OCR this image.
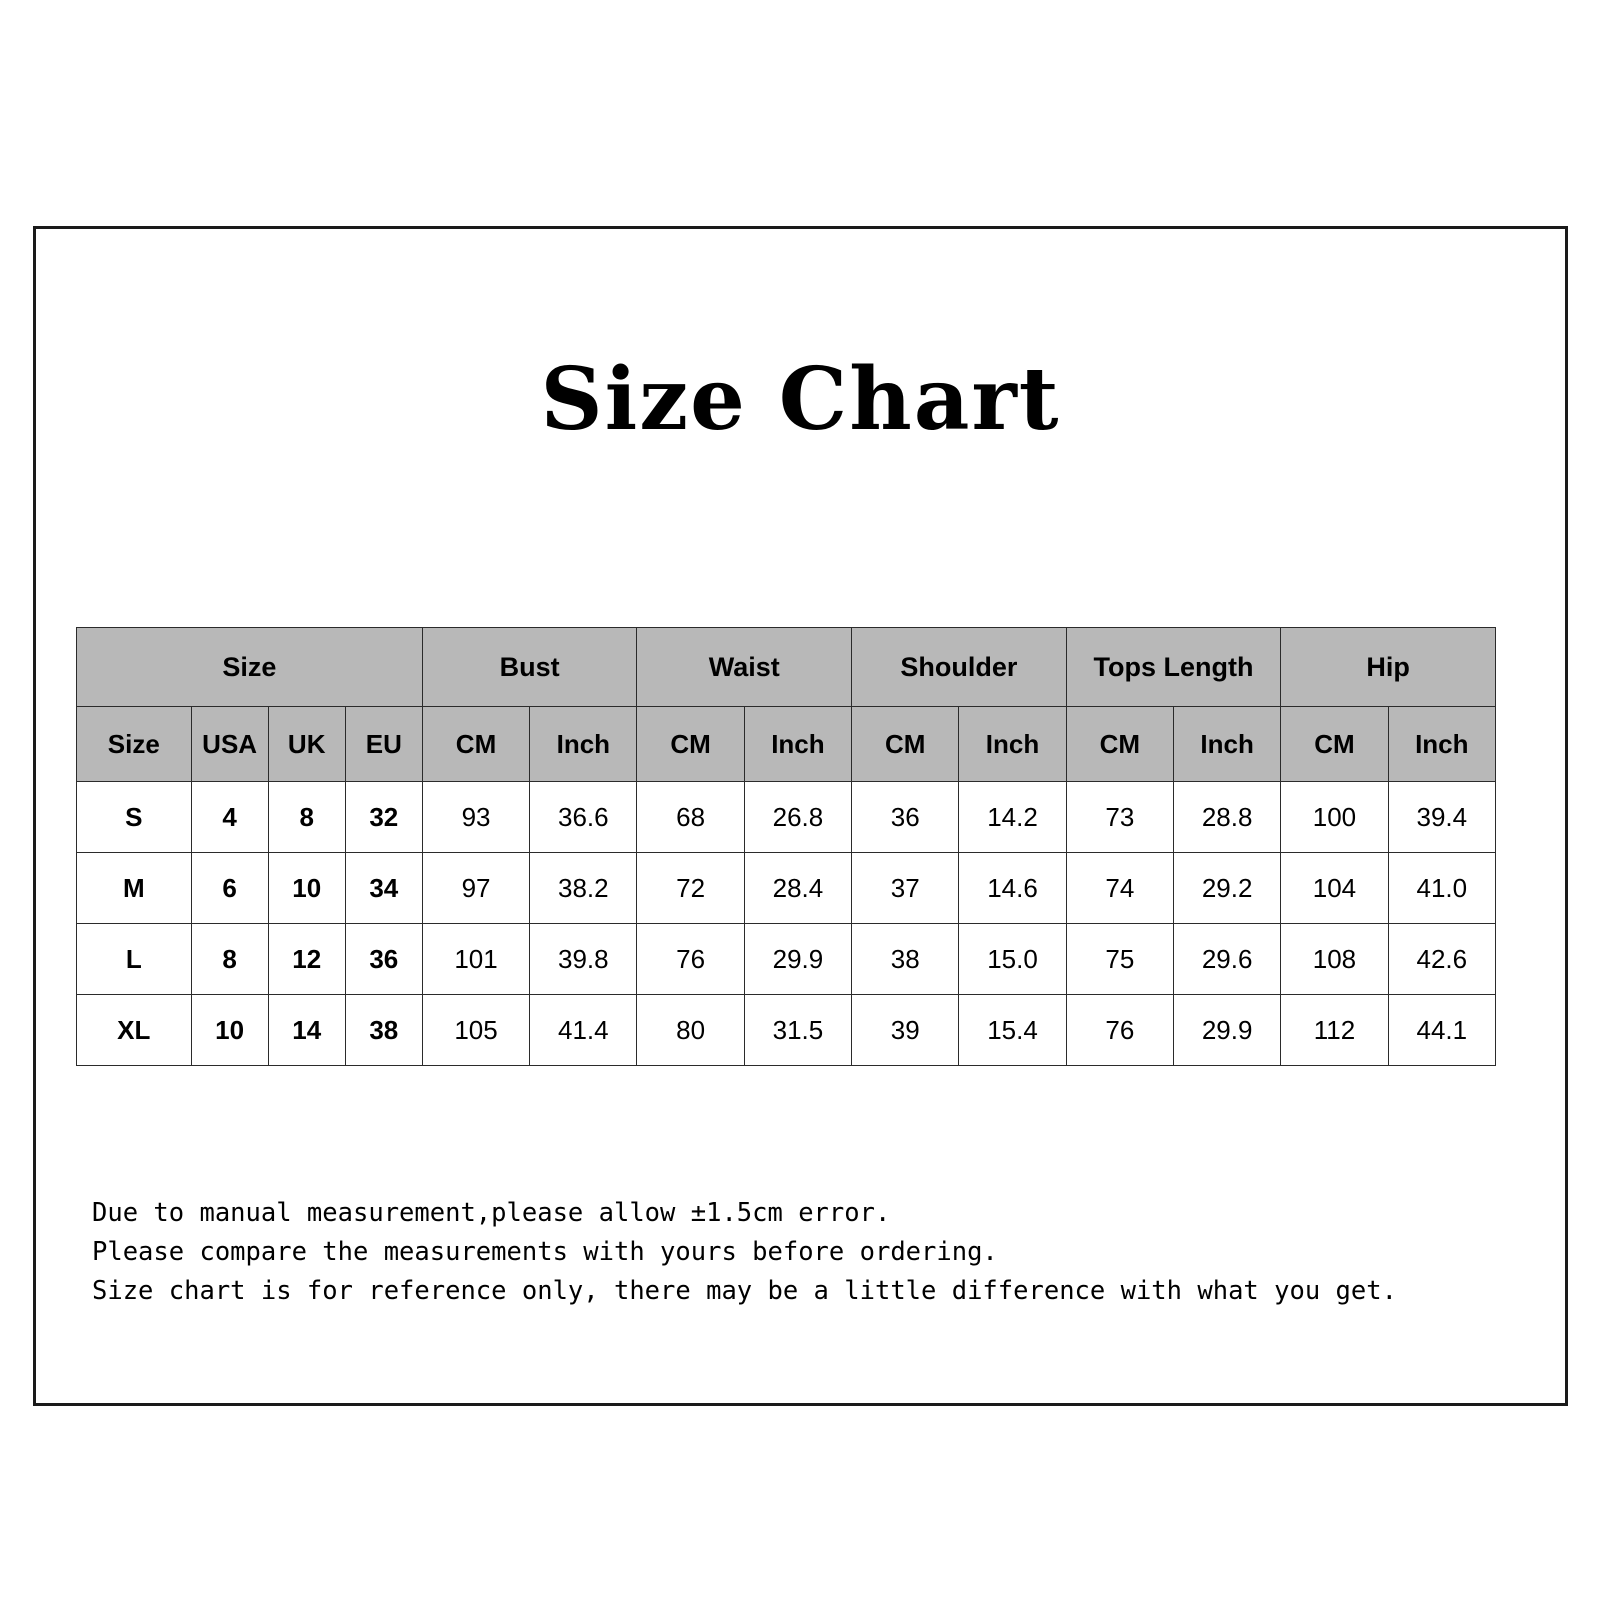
Size Chart
Size				Bust		Waist		Shoulder		Tops Length		Hip	
Size	USA	UK	EU	CM	Inch	CM	Inch	CM	Inch	CM	Inch	CM	Inch
S	4	8	32	93	36.6	68	26.8	36	14.2	73	28.8	100	39.4
M	6	10	34	97	38.2	72	28.4	37	14.6	74	29.2	104	41.0
L	8	12	36	101	39.8	76	29.9	38	15.0	75	29.6	108	42.6
XL	10	14	38	105	41.4	80	31.5	39	15.4	76	29.9	112	44.1
Due to manual measurement,please allow ±1.5cm error.
Please compare the measurements with yours before ordering.
Size chart is for reference only, there may be a little difference with what you get.
